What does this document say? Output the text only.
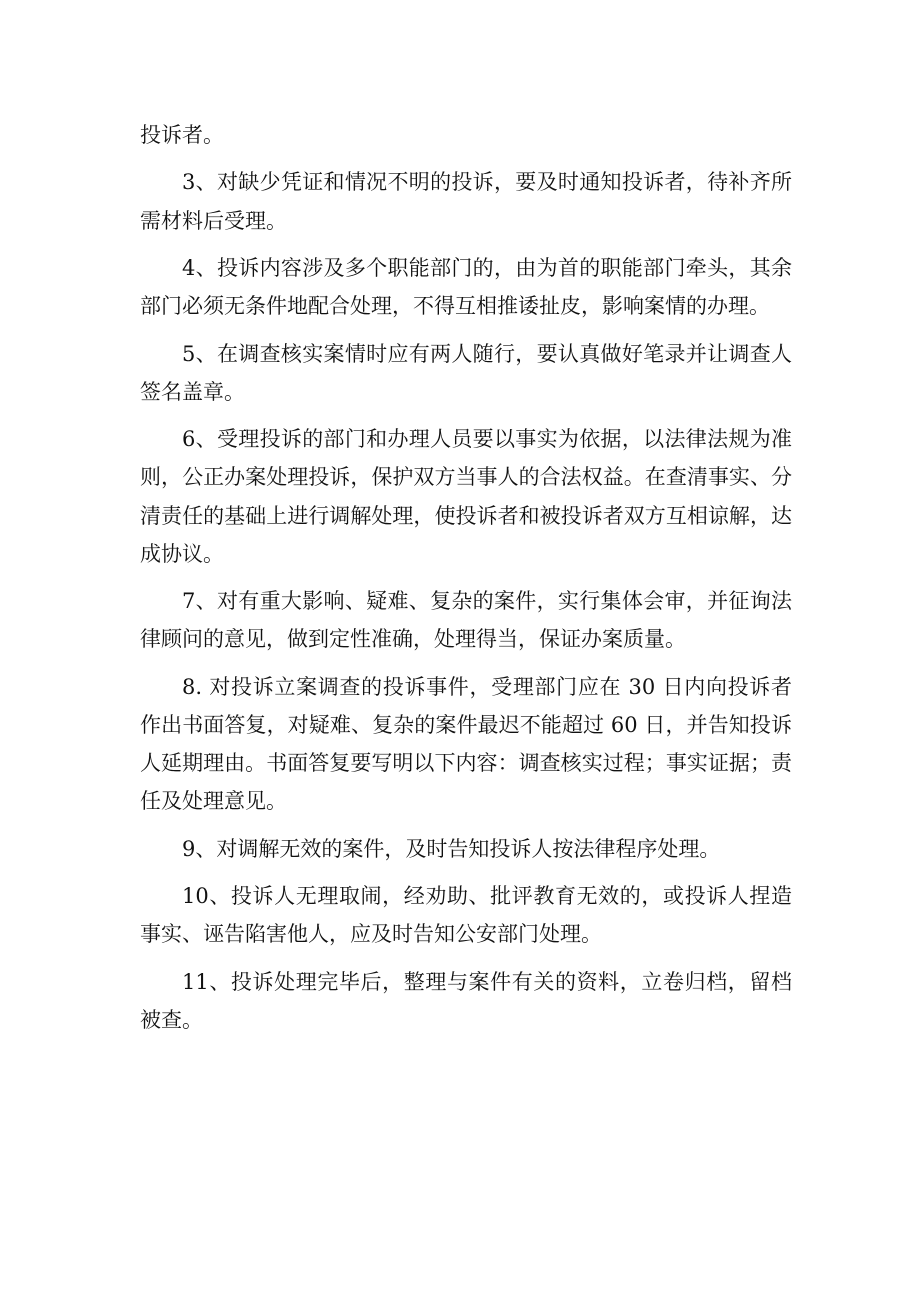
投诉者。

3、对缺少凭证和情况不明的投诉，要及时通知投诉者，待补齐所需材料后受理。

4、投诉内容涉及多个职能部门的，由为首的职能部门牵头，其余部门必须无条件地配合处理，不得互相推诿扯皮，影响案情的办理。

5、在调查核实案情时应有两人随行，要认真做好笔录并让调查人签名盖章。

6、受理投诉的部门和办理人员要以事实为依据，以法律法规为准则，公正办案处理投诉，保护双方当事人的合法权益。在查清事实、分清责任的基础上进行调解处理，使投诉者和被投诉者双方互相谅解，达成协议。

7、对有重大影响、疑难、复杂的案件，实行集体会审，并征询法律顾问的意见，做到定性准确，处理得当，保证办案质量。

8. 对投诉立案调查的投诉事件，受理部门应在 30 日内向投诉者作出书面答复，对疑难、复杂的案件最迟不能超过 60 日，并告知投诉人延期理由。书面答复要写明以下内容：调查核实过程；事实证据；责任及处理意见。

9、对调解无效的案件，及时告知投诉人按法律程序处理。

10、投诉人无理取闹，经劝助、批评教育无效的，或投诉人捏造事实、诬告陷害他人，应及时告知公安部门处理。

11、投诉处理完毕后，整理与案件有关的资料，立卷归档，留档被查。
